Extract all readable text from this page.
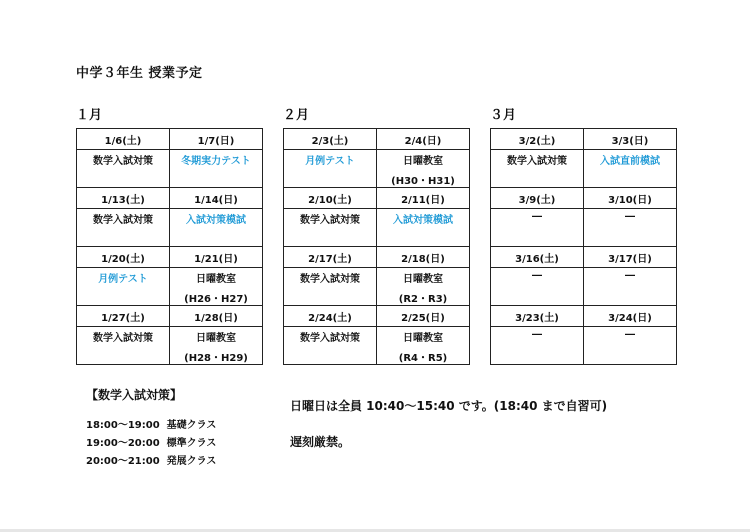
中学３年生 授業予定
１月	２月	３月
1/6(土)	1/7(日)

数学入試対策	冬期実力テスト

1/13(土)	1/14(日)

数学入試対策	入試対策模試

1/20(土)	1/21(日)

月例テスト	日曜教室
(H26・H27)

1/27(土)	1/28(日)

数学入試対策	日曜教室
(H28・H29)
2/3(土)	2/4(日)

月例テスト	日曜教室
(H30・H31)

2/10(土)	2/11(日)

数学入試対策	入試対策模試

2/17(土)	2/18(日)

数学入試対策	日曜教室
(R2・R3)

2/24(土)	2/25(日)

数学入試対策	日曜教室
(R4・R5)
3/2(土)	3/3(日)

数学入試対策	入試直前模試

3/9(土)	3/10(日)

―	―

3/16(土)	3/17(日)

―	―

3/23(土)	3/24(日)

―	―
【数学入試対策】
18:00～19:00 基礎クラス
19:00～20:00 標準クラス
20:00～21:00 発展クラス
日曜日は全員 10:40～15:40 です。(18:40 まで自習可)
遅刻厳禁。
